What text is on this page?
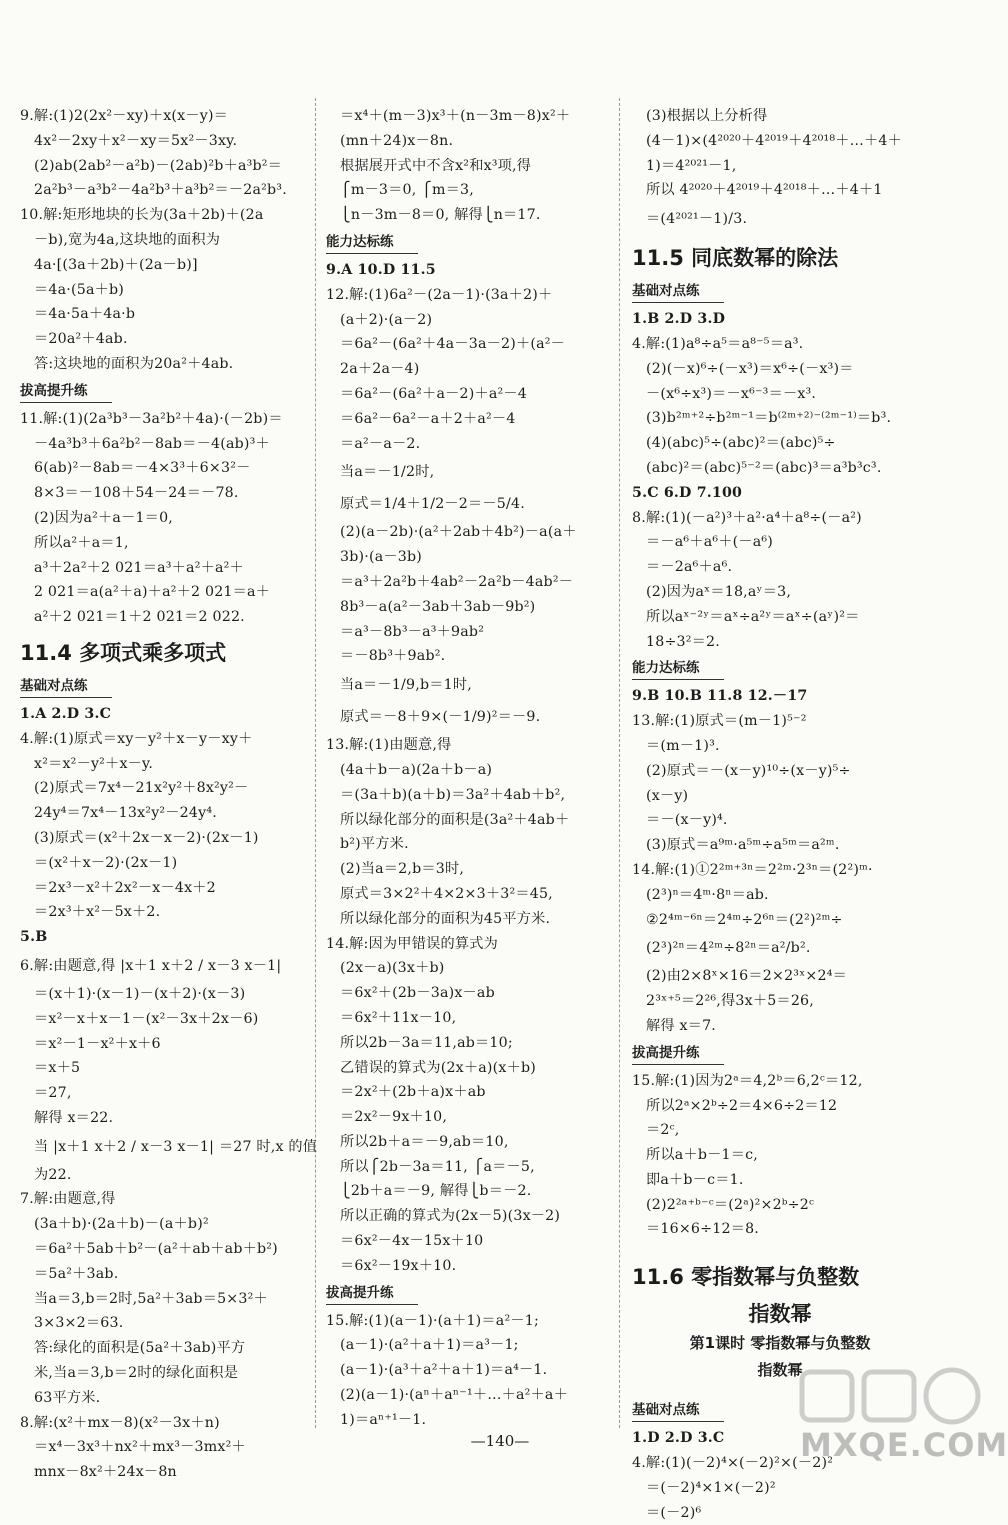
9.解:(1)2(2x²－xy)＋x(x－y)＝
4x²－2xy＋x²－xy＝5x²－3xy.
(2)ab(2ab²－a²b)－(2ab)²b＋a³b²＝
2a²b³－a³b²－4a²b³＋a³b²＝－2a²b³.
10.解:矩形地块的长为(3a＋2b)＋(2a
－b),宽为4a,这块地的面积为
4a·[(3a＋2b)＋(2a－b)]
＝4a·(5a＋b)
＝4a·5a＋4a·b
＝20a²＋4ab.
答:这块地的面积为20a²＋4ab.
拔高提升练
11.解:(1)(2a³b³－3a²b²＋4a)·(－2b)＝
－4a³b³＋6a²b²－8ab＝－4(ab)³＋
6(ab)²－8ab＝－4×3³＋6×3²－
8×3＝－108＋54－24＝－78.
(2)因为a²＋a－1＝0,
所以a²＋a＝1,
a³＋2a²＋2 021＝a³＋a²＋a²＋
2 021＝a(a²＋a)＋a²＋2 021＝a＋
a²＋2 021＝1＋2 021＝2 022.
11.4 多项式乘多项式
基础对点练
1.A 2.D 3.C
4.解:(1)原式＝xy－y²＋x－y－xy＋
x²＝x²－y²＋x－y.
(2)原式＝7x⁴－21x²y²＋8x²y²－
24y⁴＝7x⁴－13x²y²－24y⁴.
(3)原式＝(x²＋2x－x－2)·(2x－1)
＝(x²＋x－2)·(2x－1)
＝2x³－x²＋2x²－x－4x＋2
＝2x³＋x²－5x＋2.
5.B
6.解:由题意,得 |x＋1 x＋2 / x－3 x－1|
＝(x＋1)·(x－1)－(x＋2)·(x－3)
＝x²－x＋x－1－(x²－3x＋2x－6)
＝x²－1－x²＋x＋6
＝x＋5
＝27,
解得 x＝22.
当 |x＋1 x＋2 / x－3 x－1| ＝27 时,x 的值
为22.
7.解:由题意,得
(3a＋b)·(2a＋b)－(a＋b)²
＝6a²＋5ab＋b²－(a²＋ab＋ab＋b²)
＝5a²＋3ab.
当a＝3,b＝2时,5a²＋3ab＝5×3²＋
3×3×2＝63.
答:绿化的面积是(5a²＋3ab)平方
米,当a＝3,b＝2时的绿化面积是
63平方米.
8.解:(x²＋mx－8)(x²－3x＋n)
＝x⁴－3x³＋nx²＋mx³－3mx²＋
mnx－8x²＋24x－8n
＝x⁴＋(m－3)x³＋(n－3m－8)x²＋
(mn＋24)x－8n.
根据展开式中不含x²和x³项,得
⎧m－3＝0, ⎧m＝3,
⎩n－3m－8＝0, 解得⎩n＝17.
能力达标练
9.A 10.D 11.5
12.解:(1)6a²－(2a－1)·(3a＋2)＋
(a＋2)·(a－2)
＝6a²－(6a²＋4a－3a－2)＋(a²－
2a＋2a－4)
＝6a²－(6a²＋a－2)＋a²－4
＝6a²－6a²－a＋2＋a²－4
＝a²－a－2.
当a＝－1/2时,
原式＝1/4＋1/2－2＝－5/4.
(2)(a－2b)·(a²＋2ab＋4b²)－a(a＋
3b)·(a－3b)
＝a³＋2a²b＋4ab²－2a²b－4ab²－
8b³－a(a²－3ab＋3ab－9b²)
＝a³－8b³－a³＋9ab²
＝－8b³＋9ab².
当a＝－1/9,b＝1时,
原式＝－8＋9×(－1/9)²＝－9.
13.解:(1)由题意,得
(4a＋b－a)(2a＋b－a)
＝(3a＋b)(a＋b)＝3a²＋4ab＋b²,
所以绿化部分的面积是(3a²＋4ab＋
b²)平方米.
(2)当a＝2,b＝3时,
原式＝3×2²＋4×2×3＋3²＝45,
所以绿化部分的面积为45平方米.
14.解:因为甲错误的算式为
(2x－a)(3x＋b)
＝6x²＋(2b－3a)x－ab
＝6x²＋11x－10,
所以2b－3a＝11,ab＝10;
乙错误的算式为(2x＋a)(x＋b)
＝2x²＋(2b＋a)x＋ab
＝2x²－9x＋10,
所以2b＋a＝－9,ab＝10,
所以⎧2b－3a＝11, ⎧a＝－5,
⎩2b＋a＝－9, 解得⎩b＝－2.
所以正确的算式为(2x－5)(3x－2)
＝6x²－4x－15x＋10
＝6x²－19x＋10.
拔高提升练
15.解:(1)(a－1)·(a＋1)＝a²－1;
(a－1)·(a²＋a＋1)＝a³－1;
(a－1)·(a³＋a²＋a＋1)＝a⁴－1.
(2)(a－1)·(aⁿ＋aⁿ⁻¹＋…＋a²＋a＋
1)＝aⁿ⁺¹－1.
(3)根据以上分析得
(4－1)×(4²⁰²⁰＋4²⁰¹⁹＋4²⁰¹⁸＋…＋4＋
1)＝4²⁰²¹－1,
所以 4²⁰²⁰＋4²⁰¹⁹＋4²⁰¹⁸＋…＋4＋1
＝(4²⁰²¹－1)/3.
11.5 同底数幂的除法
基础对点练
1.B 2.D 3.D
4.解:(1)a⁸÷a⁵＝a⁸⁻⁵＝a³.
(2)(－x)⁶÷(－x³)＝x⁶÷(－x³)＝
－(x⁶÷x³)＝－x⁶⁻³＝－x³.
(3)b²ᵐ⁺²÷b²ᵐ⁻¹＝b⁽²ᵐ⁺²⁾⁻⁽²ᵐ⁻¹⁾＝b³.
(4)(abc)⁵÷(abc)²＝(abc)⁵÷
(abc)²＝(abc)⁵⁻²＝(abc)³＝a³b³c³.
5.C 6.D 7.100
8.解:(1)(－a²)³＋a²·a⁴＋a⁸÷(－a²)
＝－a⁶＋a⁶＋(－a⁶)
＝－2a⁶＋a⁶.
(2)因为aˣ＝18,aʸ＝3,
所以aˣ⁻²ʸ＝aˣ÷a²ʸ＝aˣ÷(aʸ)²＝
18÷3²＝2.
能力达标练
9.B 10.B 11.8 12.－17
13.解:(1)原式＝(m－1)⁵⁻²
＝(m－1)³.
(2)原式＝－(x－y)¹⁰÷(x－y)⁵÷
(x－y)
＝－(x－y)⁴.
(3)原式＝a⁹ᵐ·a⁵ᵐ÷a⁵ᵐ＝a²ᵐ.
14.解:(1)①2²ᵐ⁺³ⁿ＝2²ᵐ·2³ⁿ＝(2²)ᵐ·
(2³)ⁿ＝4ᵐ·8ⁿ＝ab.
②2⁴ᵐ⁻⁶ⁿ＝2⁴ᵐ÷2⁶ⁿ＝(2²)²ᵐ÷
(2³)²ⁿ＝4²ᵐ÷8²ⁿ＝a²/b².
(2)由2×8ˣ×16＝2×2³ˣ×2⁴＝
2³ˣ⁺⁵＝2²⁶,得3x＋5＝26,
解得 x＝7.
拔高提升练
15.解:(1)因为2ᵃ＝4,2ᵇ＝6,2ᶜ＝12,
所以2ᵃ×2ᵇ÷2＝4×6÷2＝12
＝2ᶜ,
所以a＋b－1＝c,
即a＋b－c＝1.
(2)2²ᵃ⁺ᵇ⁻ᶜ＝(2ᵃ)²×2ᵇ÷2ᶜ
＝16×6÷12＝8.
11.6 零指数幂与负整数
指数幂
第1课时 零指数幂与负整数
指数幂
基础对点练
1.D 2.D 3.C
4.解:(1)(－2)⁴×(－2)²×(－2)²
＝(－2)⁴×1×(－2)²
＝(－2)⁶
—140—	MXQE.COM
